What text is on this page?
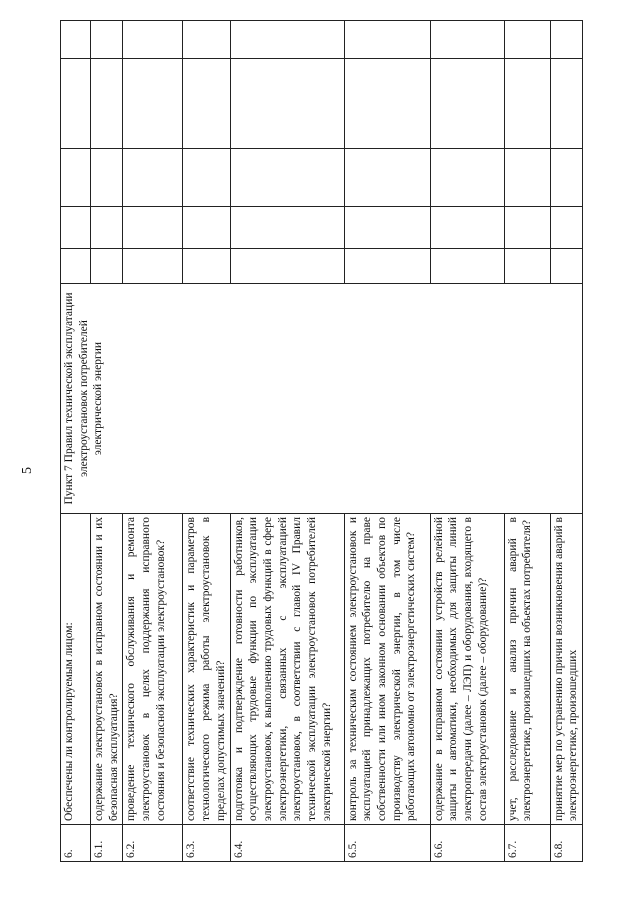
5
6.	Обеспечены ли контролируемым лицом:	Пункт 7 Правил технической эксплуатации электроустановок потребителей электрической энергии					
6.1.	содержание электроустановок в исправном состоянии и их безопасная эксплуатация?						
6.2.	проведение технического обслуживания и ремонта электроустановок в целях поддержания исправного состояния и безопасной эксплуатации электроустановок?						
6.3.	соответствие технических характеристик и параметров технологического режима работы электроустановок в пределах допустимых значений?						
6.4.	подготовка и подтверждение готовности работников, осуществляющих трудовые функции по эксплуатации электроустановок, к выполнению трудовых функций в сфере электроэнергетики, связанных с эксплуатацией электроустановок, в соответствии с главой IV Правил технической эксплуатации электроустановок потребителей электрической энергии?						
6.5.	контроль за техническим состоянием электроустановок и эксплуатацией принадлежащих потребителю на праве собственности или ином законном основании объектов по производству электрической энергии, в том числе работающих автономно от электроэнергетических систем?						
6.6.	содержание в исправном состоянии устройств релейной защиты и автоматики, необходимых для защиты линий электропередачи (далее – ЛЭП) и оборудования, входящего в состав электроустановок (далее – оборудование)?						
6.7.	учет, расследование и анализ причин аварий в электроэнергетике, произошедших на объектах потребителя?						
6.8.	принятие мер по устранению причин возникновения аварий в электроэнергетике, произошедших						
